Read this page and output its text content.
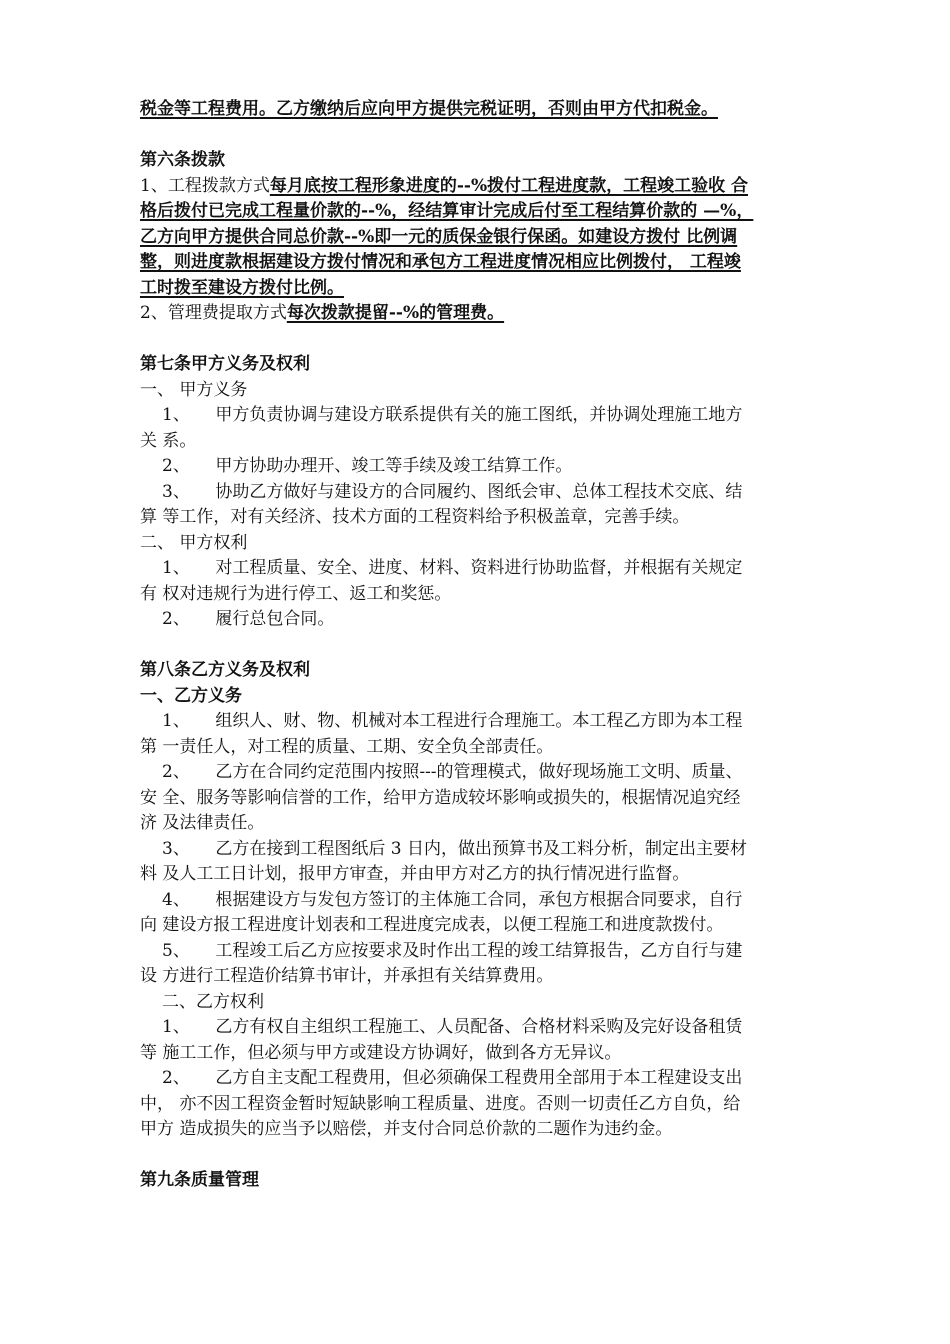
税金等工程费用。乙方缴纳后应向甲方提供完税证明，否则由甲方代扣税金。

第六条拨款

1、工程拨款方式每月底按工程形象进度的--%拨付工程进度款，工程竣工验收 合

格后拨付已完成工程量价款的--%，经结算审计完成后付至工程结算价款的 —%，

乙方向甲方提供合同总价款--%即一元的质保金银行保函。如建设方拨付 比例调

整，则进度款根据建设方拨付情况和承包方工程进度情况相应比例拨付， 工程竣

工时拨至建设方拨付比例。

2、管理费提取方式每次拨款提留--%的管理费。

第七条甲方义务及权利

一、 甲方义务

1、　　甲方负责协调与建设方联系提供有关的施工图纸，并协调处理施工地方

关 系。

2、　　甲方协助办理开、竣工等手续及竣工结算工作。

3、　　协助乙方做好与建设方的合同履约、图纸会审、总体工程技术交底、结

算 等工作，对有关经济、技术方面的工程资料给予积极盖章，完善手续。

二、 甲方权利

1、　　对工程质量、安全、进度、材料、资料进行协助监督，并根据有关规定

有 权对违规行为进行停工、返工和奖惩。

2、　　履行总包合同。

第八条乙方义务及权利

一、乙方义务

1、　　组织人、财、物、机械对本工程进行合理施工。本工程乙方即为本工程

第 一责任人，对工程的质量、工期、安全负全部责任。

2、　　乙方在合同约定范围内按照---的管理模式，做好现场施工文明、质量、

安 全、服务等影响信誉的工作，给甲方造成较坏影响或损失的，根据情况追究经

济 及法律责任。

3、　　乙方在接到工程图纸后 3 日内，做出预算书及工料分析，制定出主要材

料 及人工工日计划，报甲方审查，并由甲方对乙方的执行情况进行监督。

4、　　根据建设方与发包方签订的主体施工合同，承包方根据合同要求，自行

向 建设方报工程进度计划表和工程进度完成表，以便工程施工和进度款拨付。

5、　　工程竣工后乙方应按要求及时作出工程的竣工结算报告，乙方自行与建

设 方进行工程造价结算书审计，并承担有关结算费用。

二、乙方权利

1、　　乙方有权自主组织工程施工、人员配备、合格材料采购及完好设备租赁

等 施工工作，但必须与甲方或建设方协调好，做到各方无异议。

2、　　乙方自主支配工程费用，但必须确保工程费用全部用于本工程建设支出

中， 亦不因工程资金暂时短缺影响工程质量、进度。否则一切责任乙方自负，给

甲方 造成损失的应当予以赔偿，并支付合同总价款的二题作为违约金。

第九条质量管理
